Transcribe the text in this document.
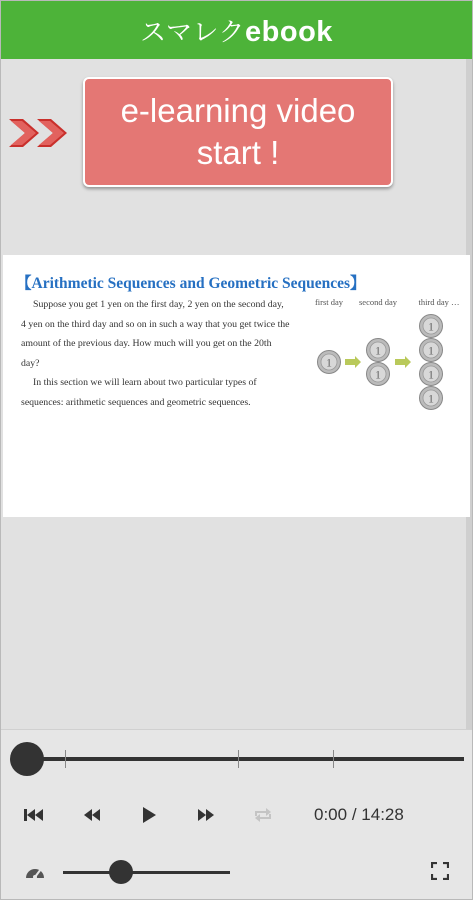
スマレクebook
e-learning video
start !
【Arithmetic Sequences and Geometric Sequences】

Suppose you get 1 yen on the first day, 2 yen on the second day, 4 yen on the third day and so on in such a way that you get twice the amount of the previous day. How much will you get on the 20th day?

In this section we will learn about two particular types of sequences: arithmetic sequences and geometric sequences.

first day second day	third day …
1
1
1
1
1
1
1
0:00 / 14:28
